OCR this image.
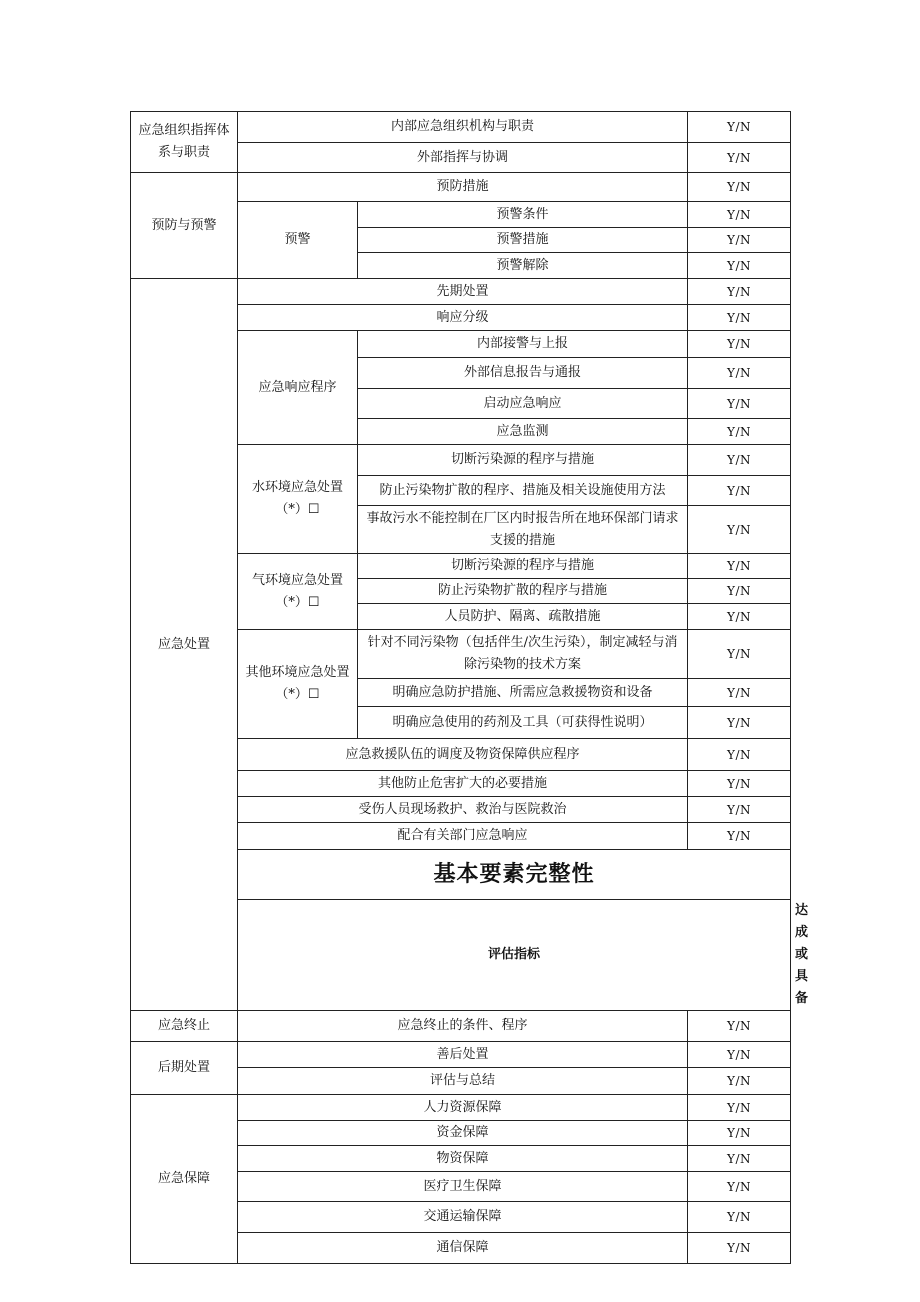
应急组织指挥体系与职责	内部应急组织机构与职责		Y/N	
	外部指挥与协调		Y/N	
预防与预警	预防措施		Y/N	
	预警	预警条件	Y/N	
		预警措施	Y/N	
		预警解除	Y/N	
应急处置	先期处置		Y/N	
	响应分级		Y/N	
	应急响应程序	内部接警与上报	Y/N	
		外部信息报告与通报	Y/N	
		启动应急响应	Y/N	
		应急监测	Y/N	
	水环境应急处置（*）☐	切断污染源的程序与措施	Y/N	
		防止污染物扩散的程序、措施及相关设施使用方法	Y/N	
		事故污水不能控制在厂区内时报告所在地环保部门请求支援的措施	Y/N	
	气环境应急处置（*）☐	切断污染源的程序与措施	Y/N	
		防止污染物扩散的程序与措施	Y/N	
		人员防护、隔离、疏散措施	Y/N	
	其他环境应急处置（*）☐	针对不同污染物（包括伴生/次生污染），制定减轻与消除污染物的技术方案	Y/N	
		明确应急防护措施、所需应急救援物资和设备	Y/N	
		明确应急使用的药剂及工具（可获得性说明）	Y/N	
	应急救援队伍的调度及物资保障供应程序		Y/N	
	其他防止危害扩大的必要措施		Y/N	
	受伤人员现场救护、救治与医院救治		Y/N	
	配合有关部门应急响应		Y/N	
	基本要素完整性			
	评估指标			达成或具备
应急终止	应急终止的条件、程序		Y/N	
后期处置	善后处置		Y/N	
	评估与总结		Y/N	
应急保障	人力资源保障		Y/N	
	资金保障		Y/N	
	物资保障		Y/N	
	医疗卫生保障		Y/N	
	交通运输保障		Y/N	
	通信保障		Y/N	
